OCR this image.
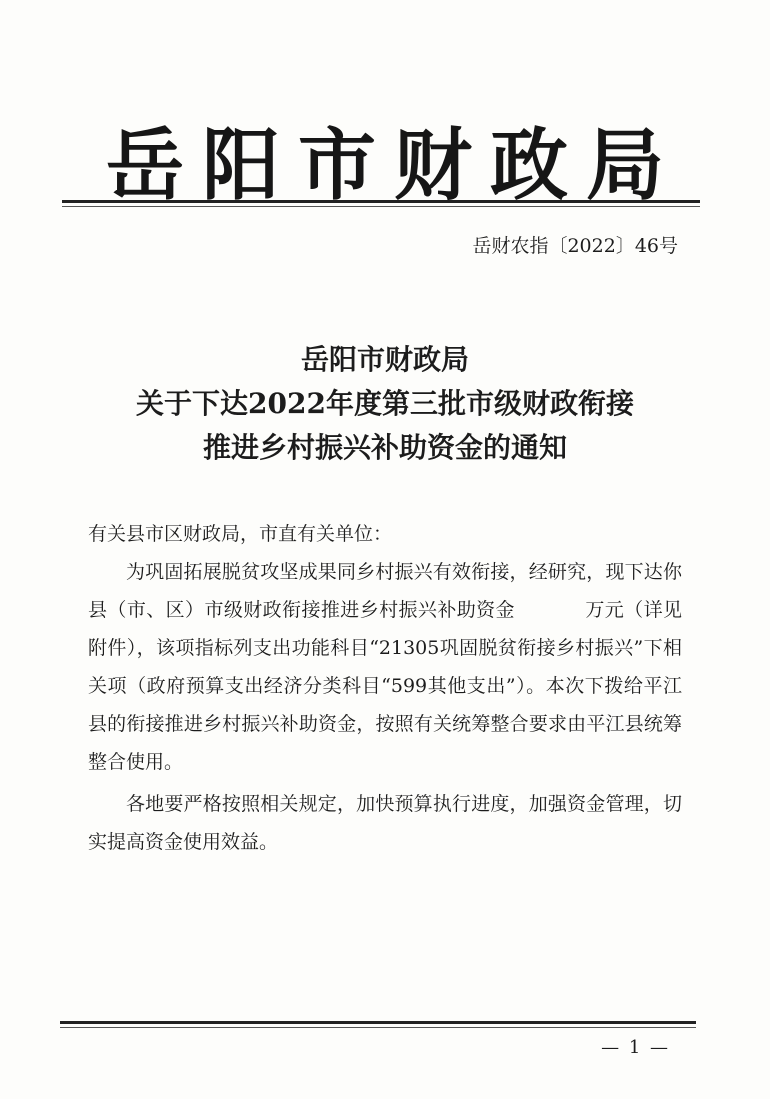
岳阳市财政局
岳财农指〔2022〕46号
岳阳市财政局
关于下达2022年度第三批市级财政衔接
推进乡村振兴补助资金的通知
有关县市区财政局，市直有关单位：

为巩固拓展脱贫攻坚成果同乡村振兴有效衔接，经研究，现下达你县（市、区）市级财政衔接推进乡村振兴补助资金	万元（详见附件），该项指标列支出功能科目“21305巩固脱贫衔接乡村振兴”下相关项（政府预算支出经济分类科目“599其他支出”）。本次下拨给平江县的衔接推进乡村振兴补助资金，按照有关统筹整合要求由平江县统筹整合使用。

各地要严格按照相关规定，加快预算执行进度，加强资金管理，切实提高资金使用效益。

— 1 —
